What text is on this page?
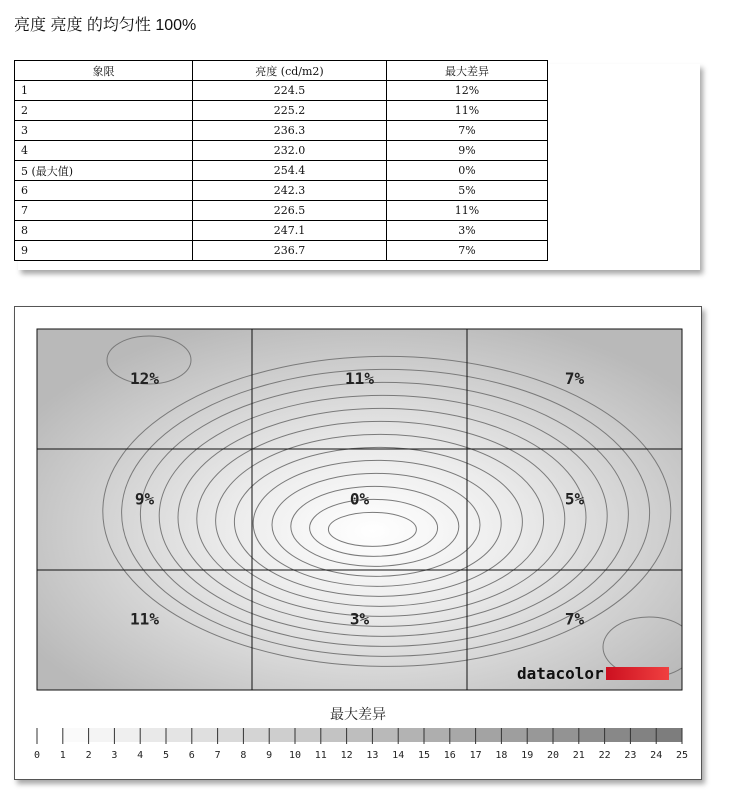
亮度 亮度 的均匀性 100%
象限	亮度 (cd/m2)	最大差异
1	224.5	12%
2	225.2	11%
3	236.3	7%
4	232.0	9%
5 (最大值)	254.4	0%
6	242.3	5%
7	226.5	11%
8	247.1	3%
9	236.7	7%
12%	11%	7%
9%	0%	5%
11%	3%	7%
datacolor
最大差异
0 1 2 3 4 5 6 7 8 9 10 11 12 13 14 15 16 17 18 19 20 21 22 23 24 25
